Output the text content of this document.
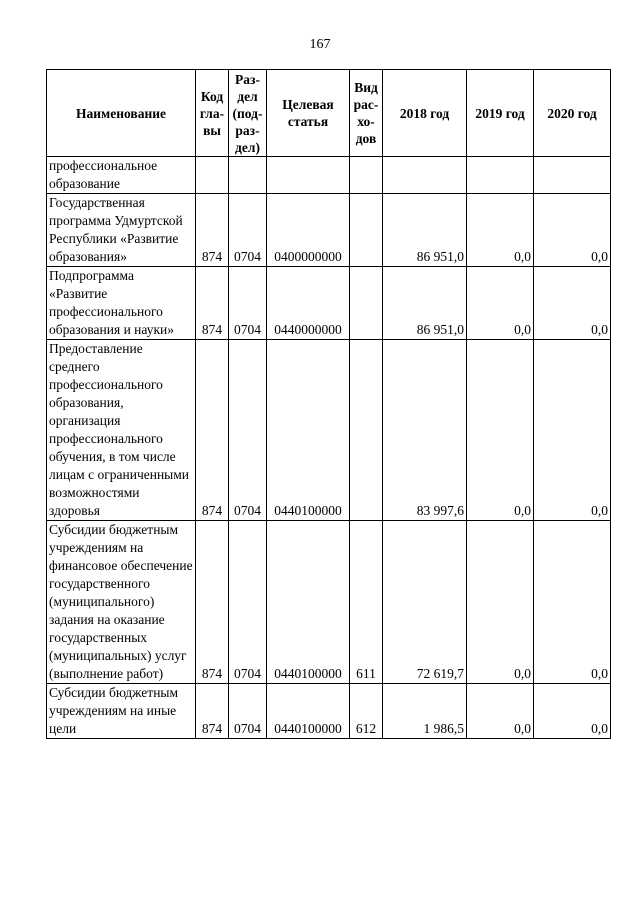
167
Наименование	Код гла- вы	Раз- дел (под- раз- дел)	Целевая статья	Вид рас- хо- дов	2018 год	2019 год	2020 год
профессиональное образование							
Государственная программа Удмуртской Республики «Развитие образования»	874	0704	0400000000		86 951,0	0,0	0,0
Подпрограмма «Развитие профессионального образования и науки»	874	0704	0440000000		86 951,0	0,0	0,0
Предоставление среднего профессионального образования, организация профессионального обучения, в том числе лицам с ограниченными возможностями здоровья	874	0704	0440100000		83 997,6	0,0	0,0
Субсидии бюджетным учреждениям на финансовое обеспечение государственного (муниципального) задания на оказание государственных (муниципальных) услуг (выполнение работ)	874	0704	0440100000	611	72 619,7	0,0	0,0
Субсидии бюджетным учреждениям на иные цели	874	0704	0440100000	612	1 986,5	0,0	0,0
